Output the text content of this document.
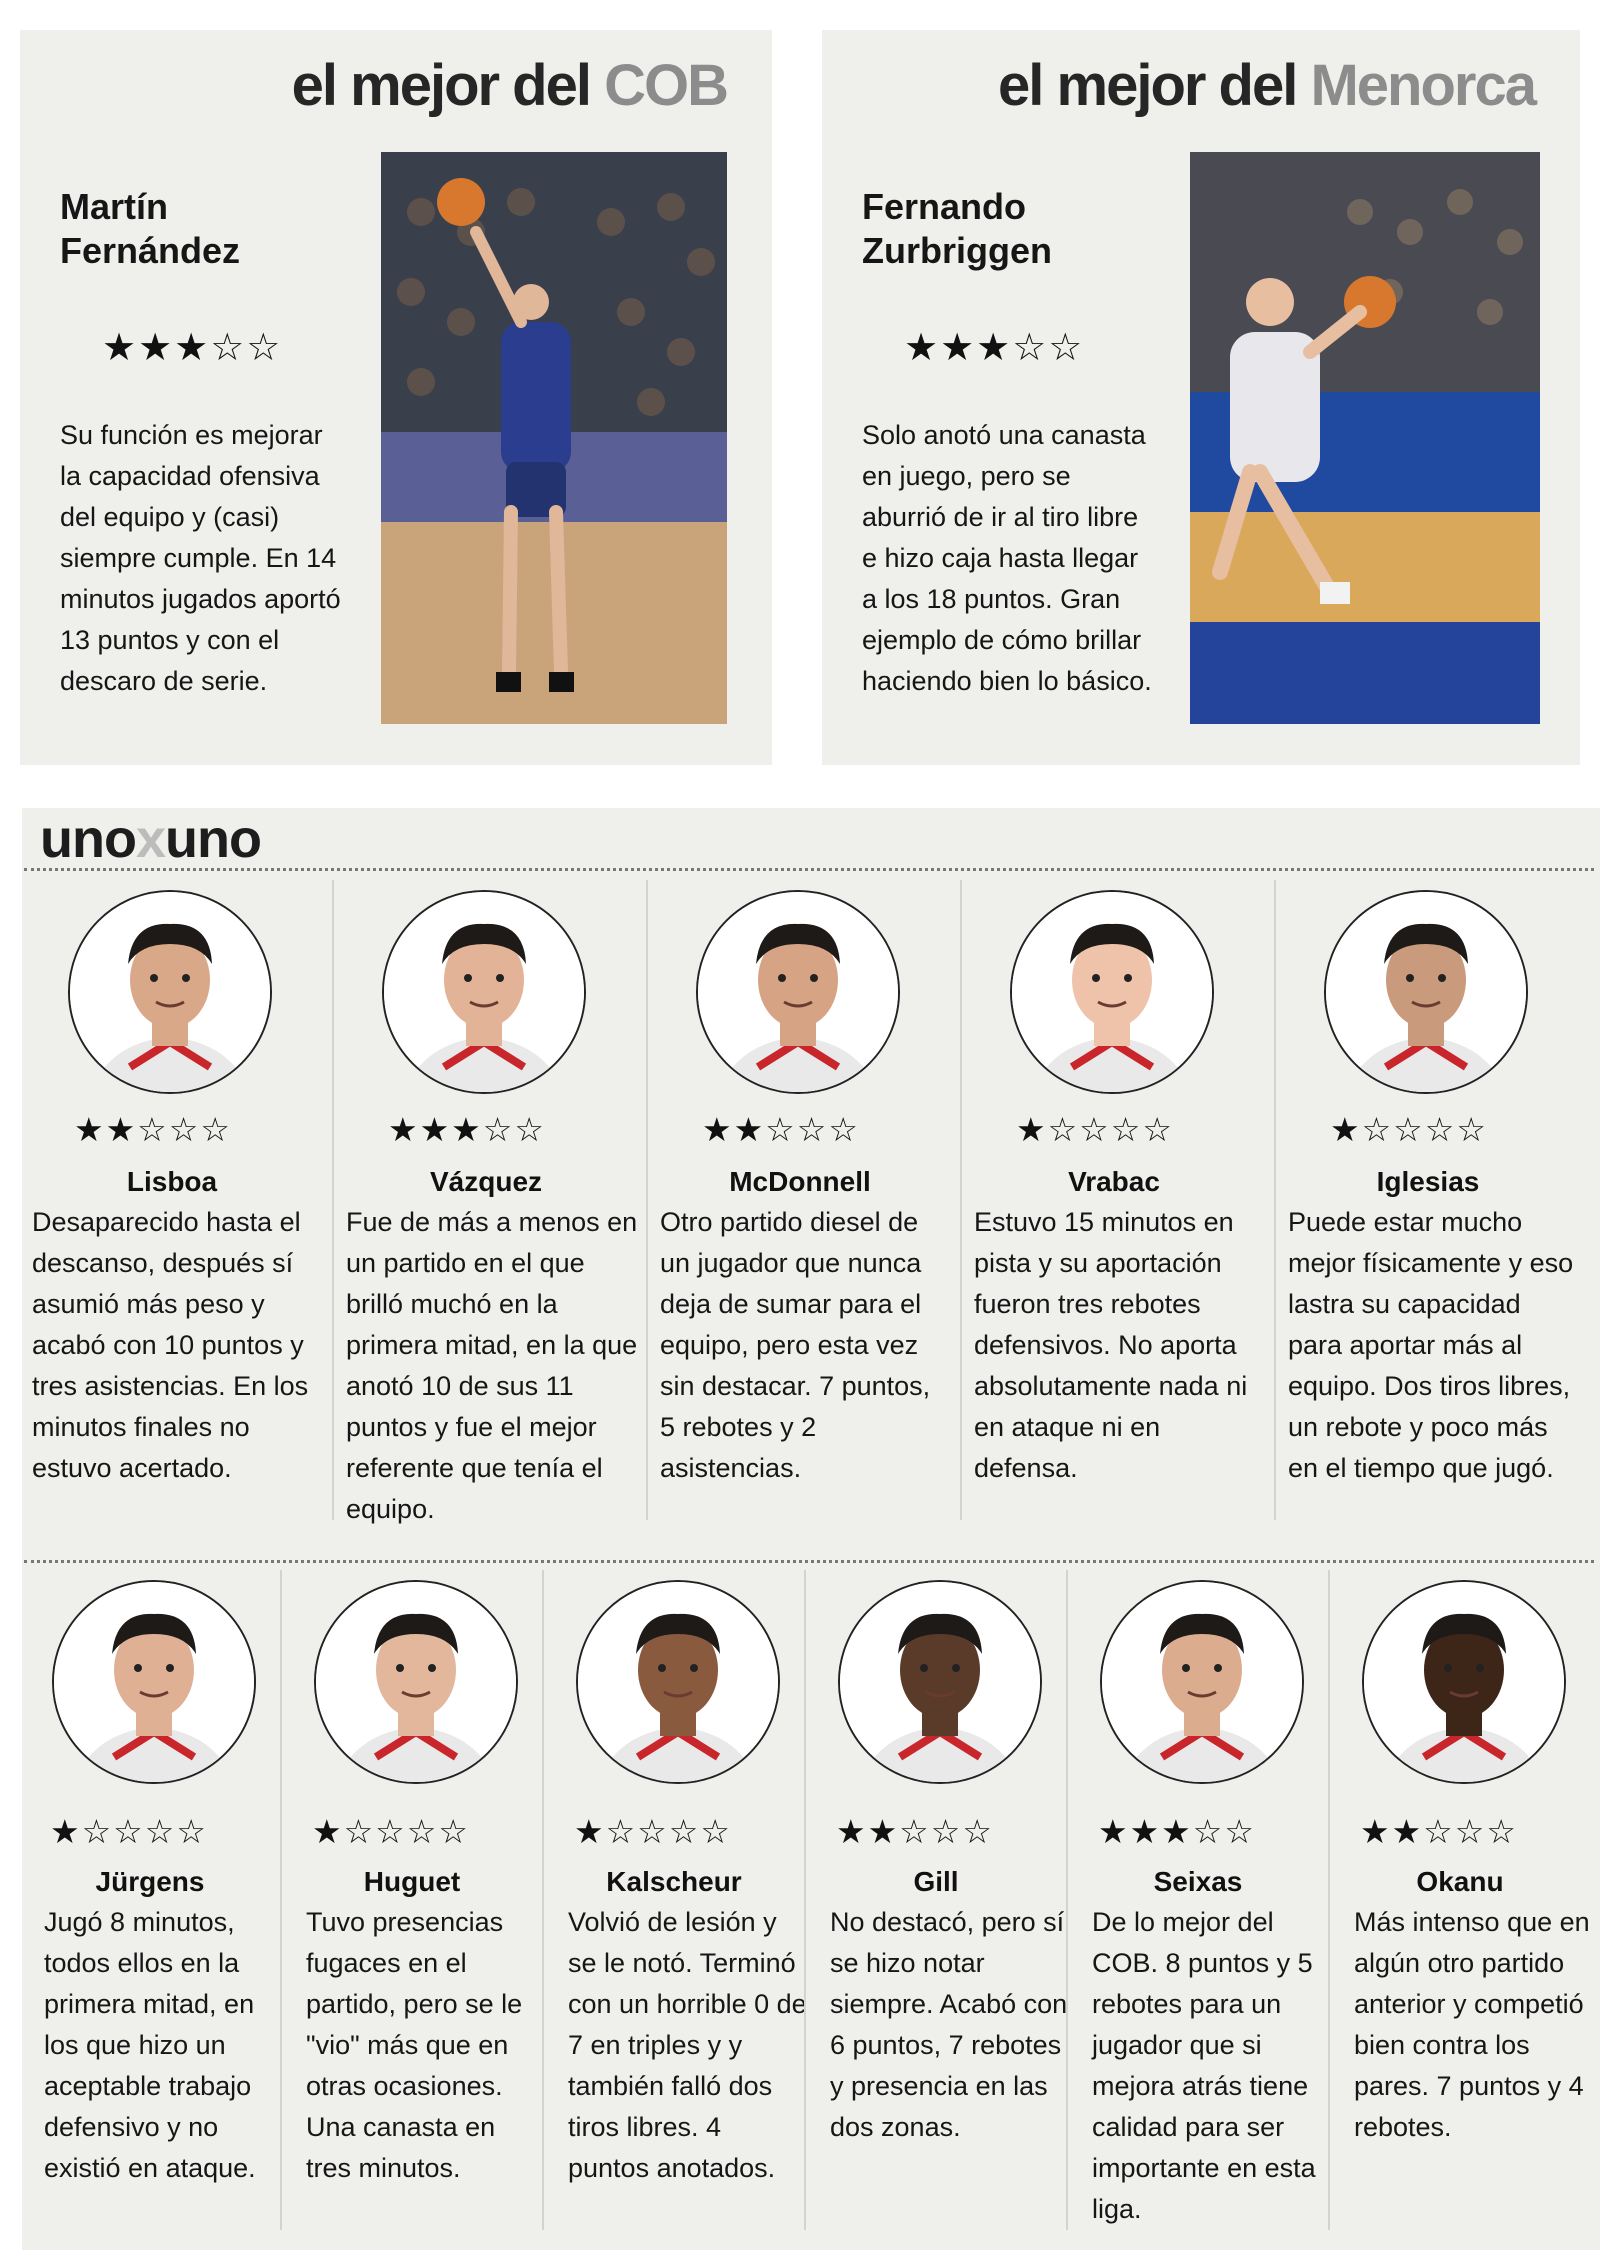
el mejor del COB
Martín
Fernández
★★★☆☆
Su función es mejorar la capacidad ofensiva del equipo y (casi) siempre cumple. En 14 minutos jugados aportó 13 puntos y con el descaro de serie.
el mejor del Menorca
Fernando
Zurbriggen
★★★☆☆
Solo anotó una canasta en juego, pero se aburrió de ir al tiro libre e hizo caja hasta llegar a los 18 puntos. Gran ejemplo de cómo brillar haciendo bien lo básico.
unoxuno
★★☆☆☆
Lisboa
Desaparecido hasta el descanso, después sí asumió más peso y acabó con 10 puntos y tres asistencias. En los minutos finales no estuvo acertado.
★★★☆☆
Vázquez
Fue de más a menos en un partido en el que brilló muchó en la primera mitad, en la que anotó 10 de sus 11 puntos y fue el mejor referente que tenía el equipo.
★★☆☆☆
McDonnell
Otro partido diesel de un jugador que nunca deja de sumar para el equipo, pero esta vez sin destacar. 7 puntos, 5 rebotes y 2 asistencias.
★☆☆☆☆
Vrabac
Estuvo 15 minutos en pista y su aportación fueron tres rebotes defensivos. No aporta absolutamente nada ni en ataque ni en defensa.
★☆☆☆☆
Iglesias
Puede estar mucho mejor físicamente y eso lastra su capacidad para aportar más al equipo. Dos tiros libres, un rebote y poco más en el tiempo que jugó.
★☆☆☆☆
Jürgens
Jugó 8 minutos, todos ellos en la primera mitad, en los que hizo un aceptable trabajo defensivo y no existió en ataque.
★☆☆☆☆
Huguet
Tuvo presencias fugaces en el partido, pero se le "vio" más que en otras ocasiones. Una canasta en tres minutos.
★☆☆☆☆
Kalscheur
Volvió de lesión y se le notó. Terminó con un horrible 0 de 7 en triples y y también falló dos tiros libres. 4 puntos anotados.
★★☆☆☆
Gill
No destacó, pero sí se hizo notar siempre. Acabó con 6 puntos, 7 rebotes y presencia en las dos zonas.
★★★☆☆
Seixas
De lo mejor del COB. 8 puntos y 5 rebotes para un jugador que si mejora atrás tiene calidad para ser importante en esta liga.
★★☆☆☆
Okanu
Más intenso que en algún otro partido anterior y competió bien contra los pares. 7 puntos y 4 rebotes.
